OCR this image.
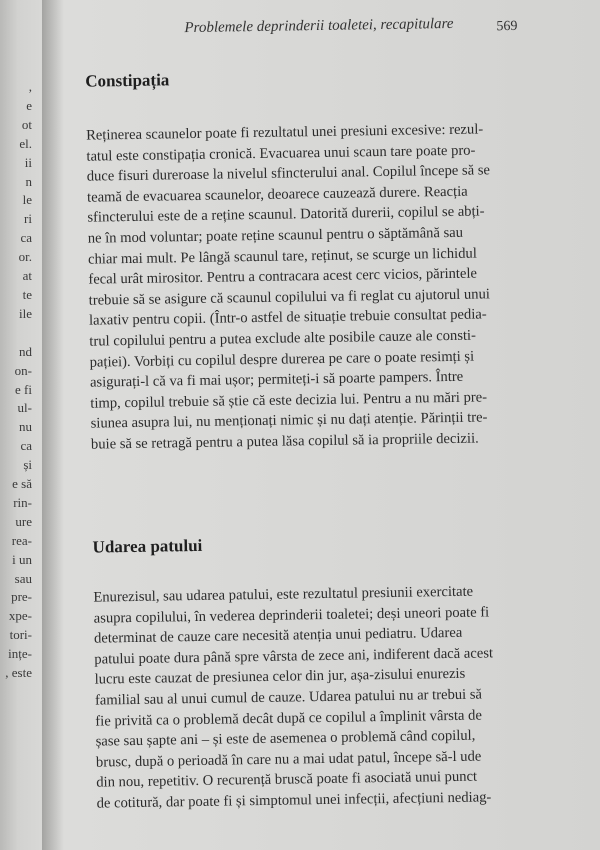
,
e
ot
el.
ii
n
le
ri
ca
or.
at
te
ile

nd
on-
e fi
ul-
nu
ca
și
e să
rin-
ure
rea-
i un
sau
pre-
xpe-
tori-
ințe-
, este
Problemele deprinderii toaletei, recapitulare	569
Constipația
Reținerea scaunelor poate fi rezultatul unei presiuni excesive: rezul-
tatul este constipația cronică. Evacuarea unui scaun tare poate pro-
duce fisuri dureroase la nivelul sfincterului anal. Copilul începe să se
teamă de evacuarea scaunelor, deoarece cauzează durere. Reacția
sfincterului este de a reține scaunul. Datorită durerii, copilul se abți-
ne în mod voluntar; poate reține scaunul pentru o săptămână sau
chiar mai mult. Pe lângă scaunul tare, reținut, se scurge un lichidul
fecal urât mirositor. Pentru a contracara acest cerc vicios, părintele
trebuie să se asigure că scaunul copilului va fi reglat cu ajutorul unui
laxativ pentru copii. (Într-o astfel de situație trebuie consultat pedia-
trul copilului pentru a putea exclude alte posibile cauze ale consti-
pației). Vorbiți cu copilul despre durerea pe care o poate resimți și
asigurați-l că va fi mai ușor; permiteți-i să poarte pampers. Între
timp, copilul trebuie să știe că este decizia lui. Pentru a nu mări pre-
siunea asupra lui, nu menționați nimic și nu dați atenție. Părinții tre-
buie să se retragă pentru a putea lăsa copilul să ia propriile decizii.
Udarea patului
Enurezisul, sau udarea patului, este rezultatul presiunii exercitate
asupra copilului, în vederea deprinderii toaletei; deși uneori poate fi
determinat de cauze care necesită atenția unui pediatru. Udarea
patului poate dura până spre vârsta de zece ani, indiferent dacă acest
lucru este cauzat de presiunea celor din jur, așa-zisului enurezis
familial sau al unui cumul de cauze. Udarea patului nu ar trebui să
fie privită ca o problemă decât după ce copilul a împlinit vârsta de
șase sau șapte ani – și este de asemenea o problemă când copilul,
brusc, după o perioadă în care nu a mai udat patul, începe să-l ude
din nou, repetitiv. O recurență bruscă poate fi asociată unui punct
de cotitură, dar poate fi și simptomul unei infecții, afecțiuni nediag-
